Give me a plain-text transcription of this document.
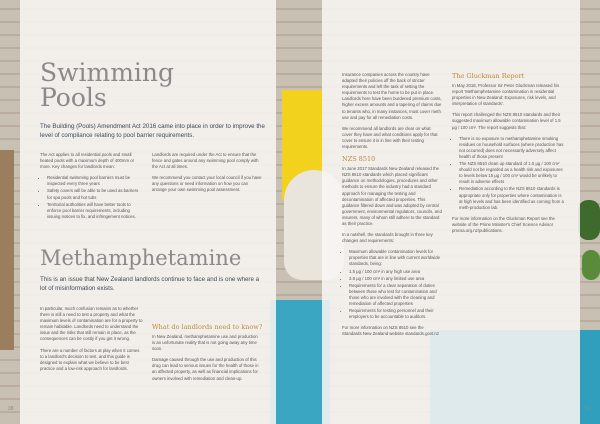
Swimming
Pools

The Building (Pools) Amendment Act 2016 came into place in order to improve the level of compliance relating to pool barrier requirements.

The Act applies to all residential pools and small heated pools with a maximum depth of 400mm or more. Key changes for landlords mean:

• Residential swimming pool barriers must be inspected every three years
• Safety covers will be able to be used as barriers for spa pools and hot tubs
• Territorial authorities will have better tools to enforce pool barrier requirements, including issuing notices to fix, and infringement notices.

Landlords are required under the Act to ensure that the fence and gates around any swimming pool comply with the Act at all times.

We recommend you contact your local council if you have any questions or need information on how you can arrange your own swimming pool assessment.

Methamphetamine

This is an issue that New Zealand landlords continue to face and is one where a lot of misinformation exists.

In particular, much confusion remains as to whether there is still a need to test a property and what the maximum levels of contamination are for a property to remain habitable. Landlords need to understand the issue and the risks that still remain in place, as the consequences can be costly if you get it wrong.

There are a number of factors at play when it comes to a landlord's decision to test, and this guide is designed to explain what we believe to be best practice and a low-risk approach for landlords.

What do landlords need to know?

In New Zealand, methamphetamine use and production is an unfortunate reality that is not going away any time soon.

Damage caused through the use and production of this drug can lead to serious issues for the health of those in an affected property, as well as financial implications for owners involved with remediation and clean-up.

38

Insurance companies across the country have adapted their policies off the back of stricter requirements and left the task of setting the requirements to test the home to be put in place. Landlords here have been burdened premium costs, higher excess amounts and a tapering of claims due to tenants who, in many instances, must cover meth use and pay for all remediation costs.

We recommend all landlords are clear on what cover they have and what conditions apply for that cover to ensure it is in line with their testing requirements.

NZS 8510

In June 2017 Standards New Zealand released the NZS 8510 standards which placed significant guidance on methodologies, procedures and other methods to ensure the industry had a standard approach for managing the testing and decontamination of affected properties. This guidance filtered down and was adopted by central government, environmental regulators, councils, and insurers, many of whom still adhere to the standard as their practice.

In a nutshell, the standards brought in three key changes and requirements:

• Maximum allowable contamination levels for properties that are in line with current worldwide standards, being:
• 1.5 μg / 100 cm² in any high use area
• 3.8 μg / 100 cm² in any limited use area
• Requirements for a clear separation of duties between those who test for contamination and those who are involved with the cleaning and remediation of affected properties
• Requirements for testing personnel and their employers to be accountable to auditors.

For more information on NZS 8510 see the Standards New Zealand website standards.govt.nz

The Gluckman Report

In May 2018, Professor Sir Peter Gluckman released his report 'Methamphetamine contamination in residential properties in New Zealand: Exposures, risk levels, and interpretation of standards'.

This report challenged the NZS 8510 standards and their suggested maximum allowable contamination level of 1.5 μg / 100 cm². The report suggests that:

• There is no exposure to methamphetamine smoking residues on household surfaces (where production has not occurred) does not necessarily adversely affect health of those present
• The NZS 8510 clean up standard of 1.5 μg / 100 cm² should not be regarded as a health risk and exposures to levels below 15 μg / 100 cm² would be unlikely to result in adverse effects
• Remediation according to the NZS 8510 standards is appropriate only for properties where contamination is at high levels and has been identified as coming from a meth-production lab.

For more information on the Gluckman Report see the website of the Prime Minister's Chief Science Advisor pmcsa.org.nz/publications.

39
